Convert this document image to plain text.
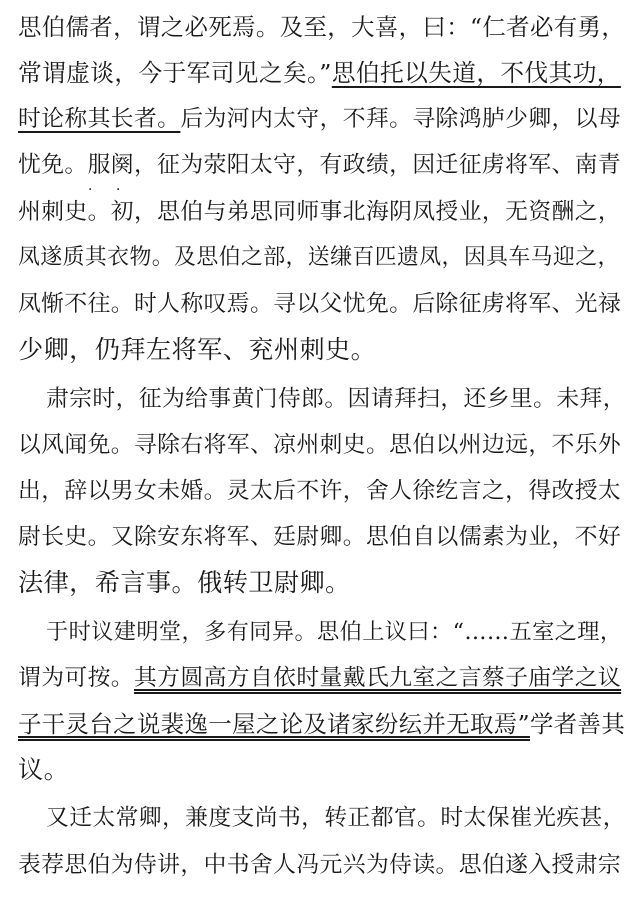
思伯儒者，谓之必死焉。及至，大喜，曰：“仁者必有勇，
常谓虚谈，今于军司见之矣。”思伯托以失道，不伐其功，
时论称其长者。后为河内太守，不拜。寻除鸿胪少卿，以母
忧免。服阕，征为荥阳太守，有政绩，因迁征虏将军、南青
州刺史。初，思伯与弟思同师事北海阴凤授业，无资酬之，
凤遂质其衣物。及思伯之部，送缣百匹遗凤，因具车马迎之，
凤惭不往。时人称叹焉。寻以父忧免。后除征虏将军、光禄
少卿，仍拜左将军、兖州刺史。
肃宗时，征为给事黄门侍郎。因请拜扫，还乡里。未拜，
以风闻免。寻除右将军、凉州刺史。思伯以州边远，不乐外
出，辞以男女未婚。灵太后不许，舍人徐纥言之，得改授太
尉长史。又除安东将军、廷尉卿。思伯自以儒素为业，不好
法律，希言事。俄转卫尉卿。
于时议建明堂，多有同异。思伯上议曰：“……五室之理，
谓为可按。其方圆高方自依时量戴氏九室之言蔡子庙学之议
子干灵台之说裴逸一屋之论及诸家纷纭并无取焉”学者善其
议。
又迁太常卿，兼度支尚书，转正都官。时太保崔光疾甚，
表荐思伯为侍讲，中书舍人冯元兴为侍读。思伯遂入授肃宗
· ·
